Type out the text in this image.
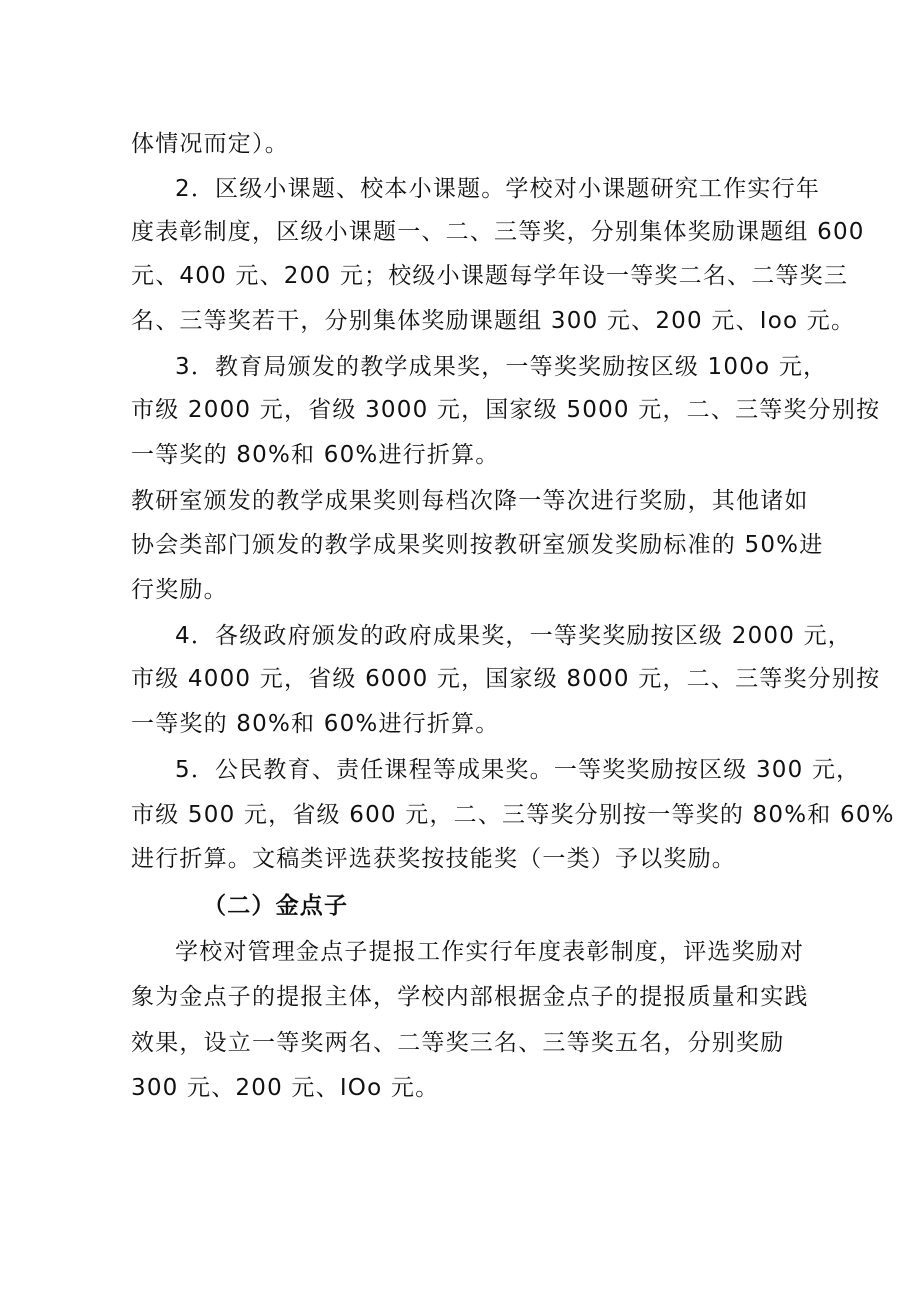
体情况而定）。
2．区级小课题、校本小课题。学校对小课题研究工作实行年
度表彰制度，区级小课题一、二、三等奖，分别集体奖励课题组 600
元、400 元、200 元；校级小课题每学年设一等奖二名、二等奖三
名、三等奖若干，分别集体奖励课题组 300 元、200 元、Ioo 元。
3．教育局颁发的教学成果奖，一等奖奖励按区级 100o 元，
市级 2000 元，省级 3000 元，国家级 5000 元，二、三等奖分别按
一等奖的 80%和 60%进行折算。
教研室颁发的教学成果奖则每档次降一等次进行奖励，其他诸如
协会类部门颁发的教学成果奖则按教研室颁发奖励标准的 50%进
行奖励。
4．各级政府颁发的政府成果奖，一等奖奖励按区级 2000 元，
市级 4000 元，省级 6000 元，国家级 8000 元，二、三等奖分别按
一等奖的 80%和 60%进行折算。
5．公民教育、责任课程等成果奖。一等奖奖励按区级 300 元，
市级 500 元，省级 600 元，二、三等奖分别按一等奖的 80%和 60%
进行折算。文稿类评选获奖按技能奖（一类）予以奖励。
（二）金点子
学校对管理金点子提报工作实行年度表彰制度，评选奖励对
象为金点子的提报主体，学校内部根据金点子的提报质量和实践
效果，设立一等奖两名、二等奖三名、三等奖五名，分别奖励
300 元、200 元、IOo 元。
